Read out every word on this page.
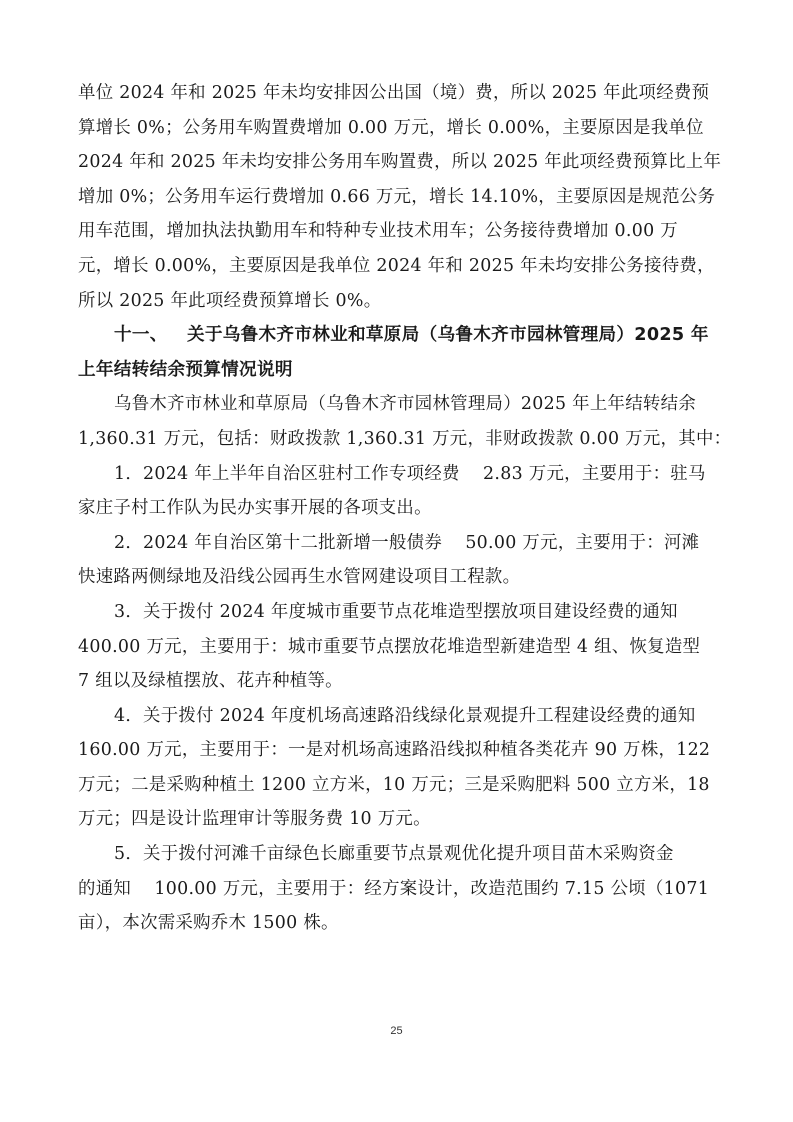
单位 2024 年和 2025 年未均安排因公出国（境）费，所以 2025 年此项经费预
算增长 0%；公务用车购置费增加 0.00 万元，增长 0.00%，主要原因是我单位
2024 年和 2025 年未均安排公务用车购置费，所以 2025 年此项经费预算比上年
增加 0%；公务用车运行费增加 0.66 万元，增长 14.10%，主要原因是规范公务
用车范围，增加执法执勤用车和特种专业技术用车；公务接待费增加 0.00 万
元，增长 0.00%，主要原因是我单位 2024 年和 2025 年未均安排公务接待费，
所以 2025 年此项经费预算增长 0%。
十一、   关于乌鲁木齐市林业和草原局（乌鲁木齐市园林管理局）2025 年
上年结转结余预算情况说明
乌鲁木齐市林业和草原局（乌鲁木齐市园林管理局）2025 年上年结转结余
1,360.31 万元，包括：财政拨款 1,360.31 万元，非财政拨款 0.00 万元，其中：
1．2024 年上半年自治区驻村工作专项经费    2.83 万元，主要用于：驻马
家庄子村工作队为民办实事开展的各项支出。
2．2024 年自治区第十二批新增一般债券    50.00 万元，主要用于：河滩
快速路两侧绿地及沿线公园再生水管网建设项目工程款。
3．关于拨付 2024 年度城市重要节点花堆造型摆放项目建设经费的通知
400.00 万元，主要用于：城市重要节点摆放花堆造型新建造型 4 组、恢复造型
7 组以及绿植摆放、花卉种植等。
4．关于拨付 2024 年度机场高速路沿线绿化景观提升工程建设经费的通知
160.00 万元，主要用于：一是对机场高速路沿线拟种植各类花卉 90 万株，122
万元；二是采购种植土 1200 立方米，10 万元；三是采购肥料 500 立方米，18
万元；四是设计监理审计等服务费 10 万元。
5．关于拨付河滩千亩绿色长廊重要节点景观优化提升项目苗木采购资金
的通知    100.00 万元，主要用于：经方案设计，改造范围约 7.15 公顷（1071
亩），本次需采购乔木 1500 株。
25
